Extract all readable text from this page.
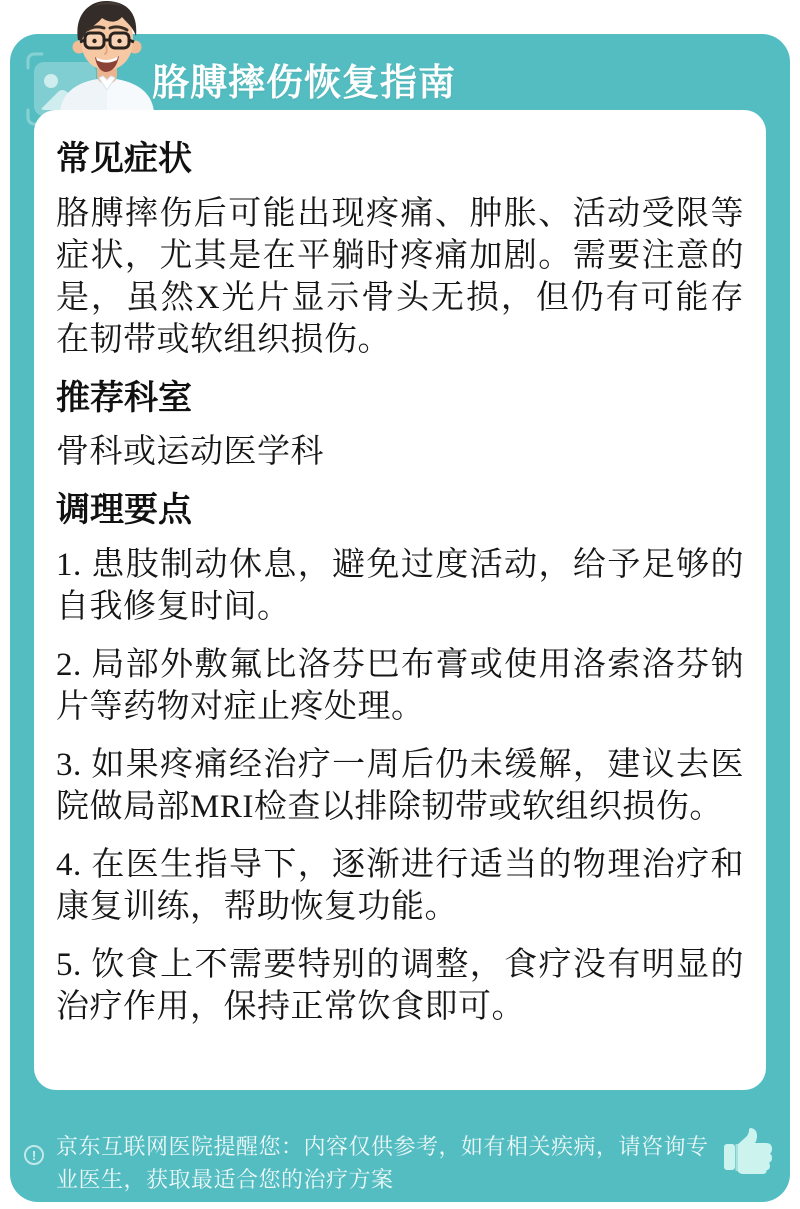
胳膊摔伤恢复指南
常见症状

胳膊摔伤后可能出现疼痛、肿胀、活动受限等症状，尤其是在平躺时疼痛加剧。需要注意的是，虽然X光片显示骨头无损，但仍有可能存在韧带或软组织损伤。

推荐科室

骨科或运动医学科

调理要点

1. 患肢制动休息，避免过度活动，给予足够的自我修复时间。

2. 局部外敷氟比洛芬巴布膏或使用洛索洛芬钠片等药物对症止疼处理。

3. 如果疼痛经治疗一周后仍未缓解，建议去医院做局部MRI检查以排除韧带或软组织损伤。

4. 在医生指导下，逐渐进行适当的物理治疗和康复训练，帮助恢复功能。

5. 饮食上不需要特别的调整，食疗没有明显的治疗作用，保持正常饮食即可。

! 京东互联网医院提醒您：内容仅供参考，如有相关疾病，请咨询专业医生，获取最适合您的治疗方案
